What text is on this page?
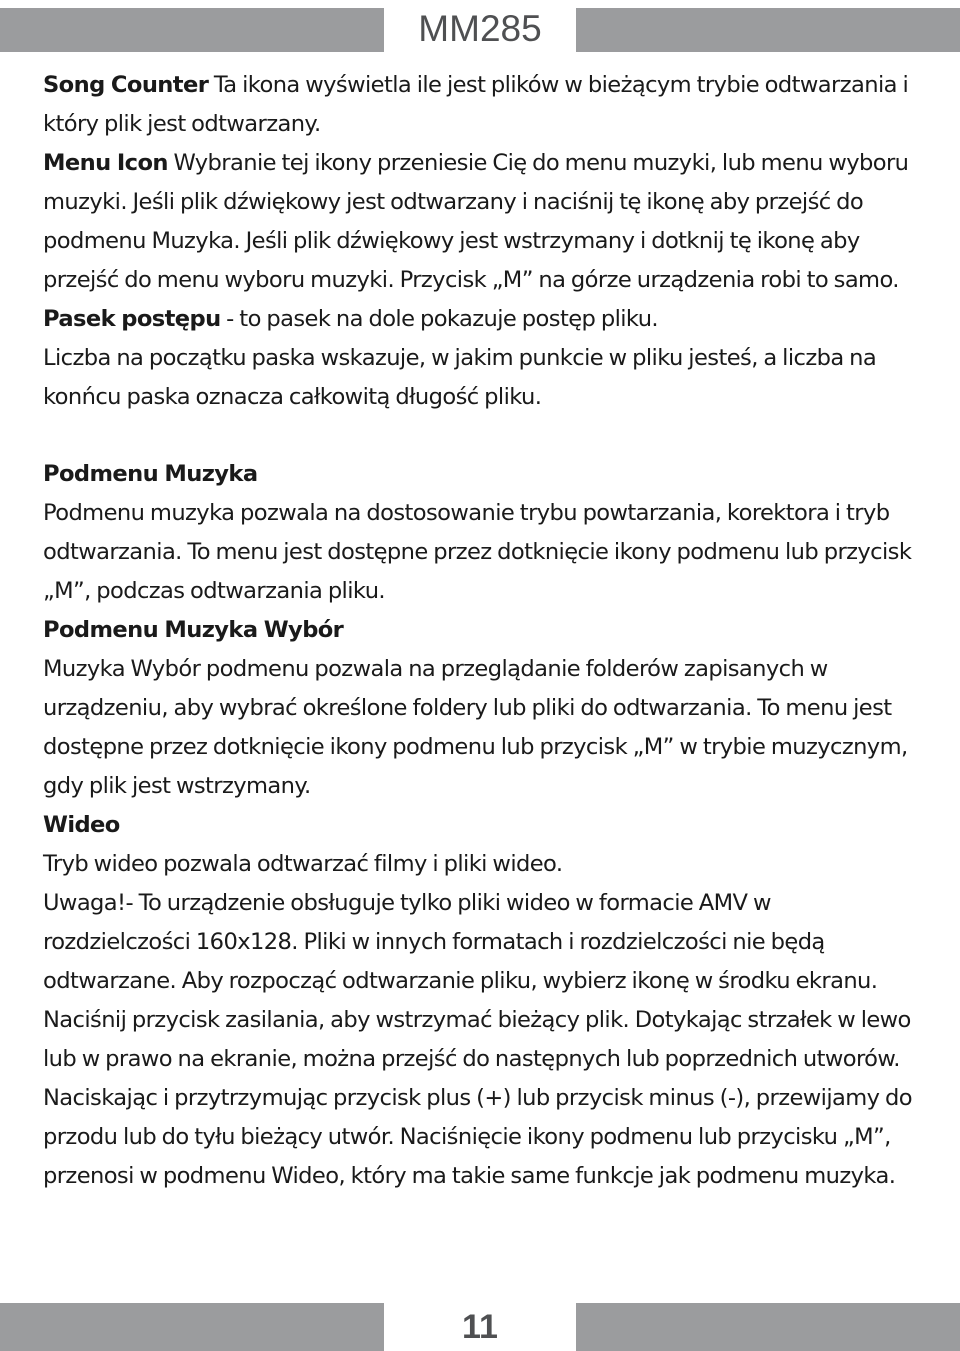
MM285

Song Counter Ta ikona wyświetla ile jest plików w bieżącym trybie odtwarzania i który plik jest odtwarzany.

Menu Icon Wybranie tej ikony przeniesie Cię do menu muzyki, lub menu wyboru muzyki. Jeśli plik dźwiękowy jest odtwarzany i naciśnij tę ikonę aby przejść do podmenu Muzyka. Jeśli plik dźwiękowy jest wstrzymany i dotknij tę ikonę aby przejść do menu wyboru muzyki. Przycisk „M” na górze urządzenia robi to samo.

Pasek postępu - to pasek na dole pokazuje postęp pliku.

Liczba na początku paska wskazuje, w jakim punkcie w pliku jesteś, a liczba na konńcu paska oznacza całkowitą długość pliku.

Podmenu Muzyka

Podmenu muzyka pozwala na dostosowanie trybu powtarzania, korektora i tryb odtwarzania. To menu jest dostępne przez dotknięcie ikony podmenu lub przycisk „M”, podczas odtwarzania pliku.

Podmenu Muzyka Wybór

Muzyka Wybór podmenu pozwala na przeglądanie folderów zapisanych w urządzeniu, aby wybrać określone foldery lub pliki do odtwarzania. To menu jest dostępne przez dotknięcie ikony podmenu lub przycisk „M” w trybie muzycznym, gdy plik jest wstrzymany.

Wideo

Tryb wideo pozwala odtwarzać filmy i pliki wideo.

Uwaga!- To urządzenie obsługuje tylko pliki wideo w formacie AMV w rozdzielczości 160x128. Pliki w innych formatach i rozdzielczości nie będą odtwarzane. Aby rozpocząć odtwarzanie pliku, wybierz ikonę w środku ekranu. Naciśnij przycisk zasilania, aby wstrzymać bieżący plik. Dotykając strzałek w lewo lub w prawo na ekranie, można przejść do następnych lub poprzednich utworów. Naciskając i przytrzymując przycisk plus (+) lub przycisk minus (-), przewijamy do przodu lub do tyłu bieżący utwór. Naciśnięcie ikony podmenu lub przycisku „M”, przenosi w podmenu Wideo, który ma takie same funkcje jak podmenu muzyka.

11
